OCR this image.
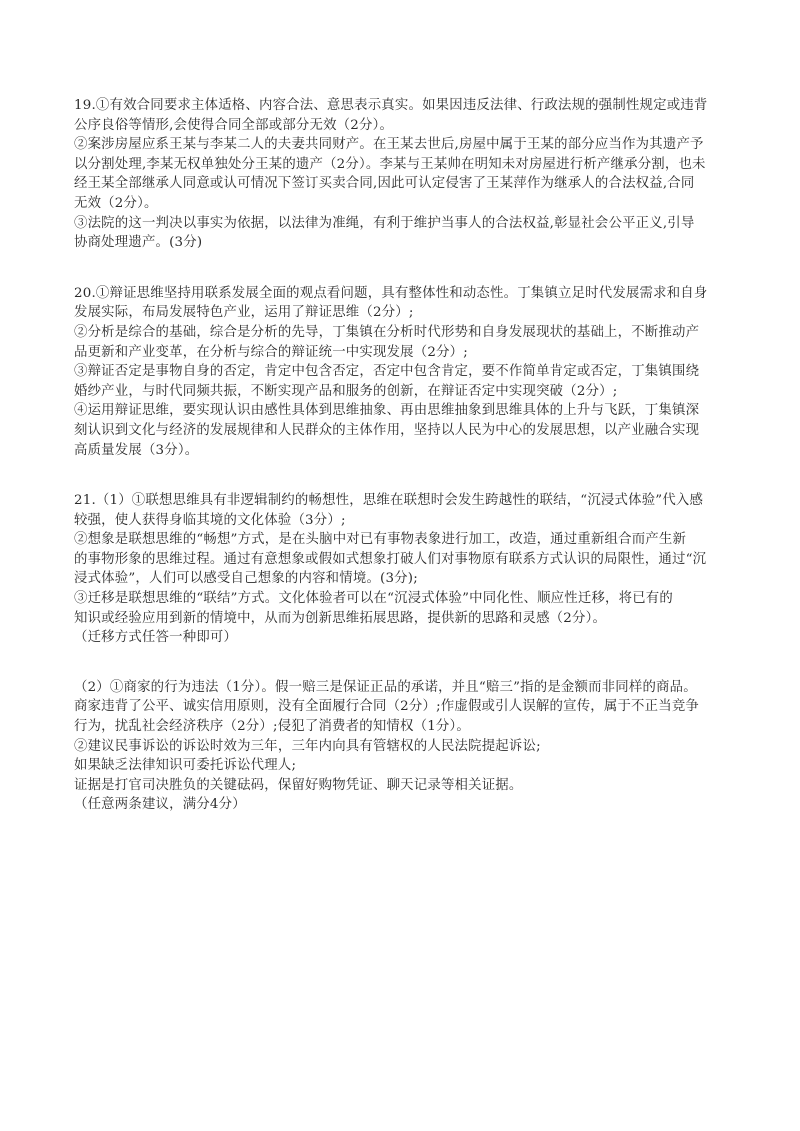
19.①有效合同要求主体适格、内容合法、意思表示真实。如果因违反法律、行政法规的强制性规定或违背
公序良俗等情形,会使得合同全部或部分无效（2分）。
②案涉房屋应系王某与李某二人的夫妻共同财产。在王某去世后,房屋中属于王某的部分应当作为其遗产予
以分割处理,李某无权单独处分王某的遗产（2分）。李某与王某帅在明知未对房屋进行析产继承分割，也未
经王某全部继承人同意或认可情况下签订买卖合同,因此可认定侵害了王某萍作为继承人的合法权益,合同
无效（2分）。
③法院的这一判决以事实为依据，以法律为准绳，有利于维护当事人的合法权益,彰显社会公平正义,引导
协商处理遗产。(3分)
20.①辩证思维坚持用联系发展全面的观点看问题，具有整体性和动态性。丁集镇立足时代发展需求和自身
发展实际，布局发展特色产业，运用了辩证思维（2分）;
②分析是综合的基础，综合是分析的先导，丁集镇在分析时代形势和自身发展现状的基础上，不断推动产
品更新和产业变革，在分析与综合的辩证统一中实现发展（2分）;
③辩证否定是事物自身的否定，肯定中包含否定，否定中包含肯定，要不作简单肯定或否定，丁集镇围绕
婚纱产业，与时代同频共振，不断实现产品和服务的创新，在辩证否定中实现突破（2分）;
④运用辩证思维，要实现认识由感性具体到思维抽象、再由思维抽象到思维具体的上升与飞跃，丁集镇深
刻认识到文化与经济的发展规律和人民群众的主体作用，坚持以人民为中心的发展思想，以产业融合实现
高质量发展（3分）。
21.（1）①联想思维具有非逻辑制约的畅想性，思维在联想时会发生跨越性的联结，“沉浸式体验”代入感
较强，使人获得身临其境的文化体验（3分）;
②想象是联想思维的“畅想”方式，是在头脑中对已有事物表象进行加工，改造，通过重新组合而产生新
的事物形象的思维过程。通过有意想象或假如式想象打破人们对事物原有联系方式认识的局限性，通过“沉
浸式体验”，人们可以感受自己想象的内容和情境。(3分);
③迁移是联想思维的“联结”方式。文化体验者可以在“沉浸式体验”中同化性、顺应性迁移，将已有的
知识或经验应用到新的情境中，从而为创新思维拓展思路，提供新的思路和灵感（2分）。
（迁移方式任答一种即可）
（2）①商家的行为违法（1分）。假一赔三是保证正品的承诺，并且“赔三”指的是金额而非同样的商品。
商家违背了公平、诚实信用原则，没有全面履行合同（2分）;作虚假或引人误解的宣传，属于不正当竞争
行为，扰乱社会经济秩序（2分）;侵犯了消费者的知情权（1分）。
②建议民事诉讼的诉讼时效为三年，三年内向具有管辖权的人民法院提起诉讼;
如果缺乏法律知识可委托诉讼代理人;
证据是打官司决胜负的关键砝码，保留好购物凭证、聊天记录等相关证据。
（任意两条建议，满分4分）
